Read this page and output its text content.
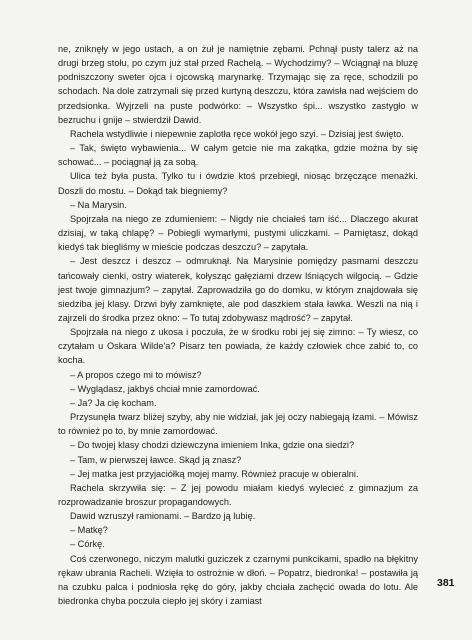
ne, zniknęły w jego ustach, a on żuł je namiętnie zębami. Pchnął pusty talerz aż na drugi brzeg stołu, po czym już stał przed Rachelą. – Wychodzimy? – Wciągnął na bluzę podniszczony sweter ojca i ojcowską marynarkę. Trzymając się za ręce, schodzili po schodach. Na dole zatrzymali się przed kurtyną deszczu, która zawisła nad wejściem do przedsionka. Wyjrzeli na puste podwórko: – Wszystko śpi... wszystko zastygło w bezruchu i gnije – stwierdził Dawid.

Rachela wstydliwie i niepewnie zaplotła ręce wokół jego szyi. – Dzisiaj jest święto.

– Tak, święto wybawienia... W całym getcie nie ma zakątka, gdzie można by się schować... – pociągnął ją za sobą.

Ulica też była pusta. Tylko tu i ówdzie ktoś przebiegł, niosąc brzęczące menażki. Doszli do mostu. – Dokąd tak biegniemy?

– Na Marysin.

Spojrzała na niego ze zdumieniem: – Nigdy nie chciałeś tam iść... Dlaczego akurat dzisiaj, w taką chlapę? – Pobiegli wymarłymi, pustymi uliczkami. – Pamiętasz, dokąd kiedyś tak biegliśmy w mieście podczas deszczu? – zapytała.

– Jest deszcz i deszcz – odmruknął. Na Marysinie pomiędzy pasmami deszczu tańcowały cienki, ostry wiaterek, kołysząc gałęziami drzew lśniących wilgocią. – Gdzie jest twoje gimnazjum? – zapytał. Zaprowadziła go do domku, w którym znajdowała się siedziba jej klasy. Drzwi były zamknięte, ale pod daszkiem stała ławka. Weszli na nią i zajrzeli do środka przez okno: – To tutaj zdobywasz mądrość? – zapytał.

Spojrzała na niego z ukosa i poczuła, że w środku robi jej się zimno: – Ty wiesz, co czytałam u Oskara Wilde'a? Pisarz ten powiada, że każdy człowiek chce zabić to, co kocha.

– A propos czego mi to mówisz?

– Wyglądasz, jakbyś chciał mnie zamordować.

– Ja? Ja cię kocham.

Przysunęła twarz bliżej szyby, aby nie widział, jak jej oczy nabiegają łzami. – Mówisz to również po to, by mnie zamordować.

– Do twojej klasy chodzi dziewczyna imieniem Inka, gdzie ona siedzi?

– Tam, w pierwszej ławce. Skąd ją znasz?

– Jej matka jest przyjaciółką mojej mamy. Również pracuje w obieralni.

Rachela skrzywiła się: – Z jej powodu miałam kiedyś wylecieć z gimnazjum za rozprowadzanie broszur propagandowych.

Dawid wzruszył ramionami. – Bardzo ją lubię.

– Matkę?

– Córkę.

Coś czerwonego, niczym malutki guziczek z czarnymi punkcikami, spadło na błękitny rękaw ubrania Racheli. Wzięła to ostrożnie w dłoń. – Popatrz, biedronka! – postawiła ją na czubku palca i podniosła rękę do góry, jakby chciała zachęcić owada do lotu. Ale biedronka chyba poczuła ciepło jej skóry i zamiast

381
